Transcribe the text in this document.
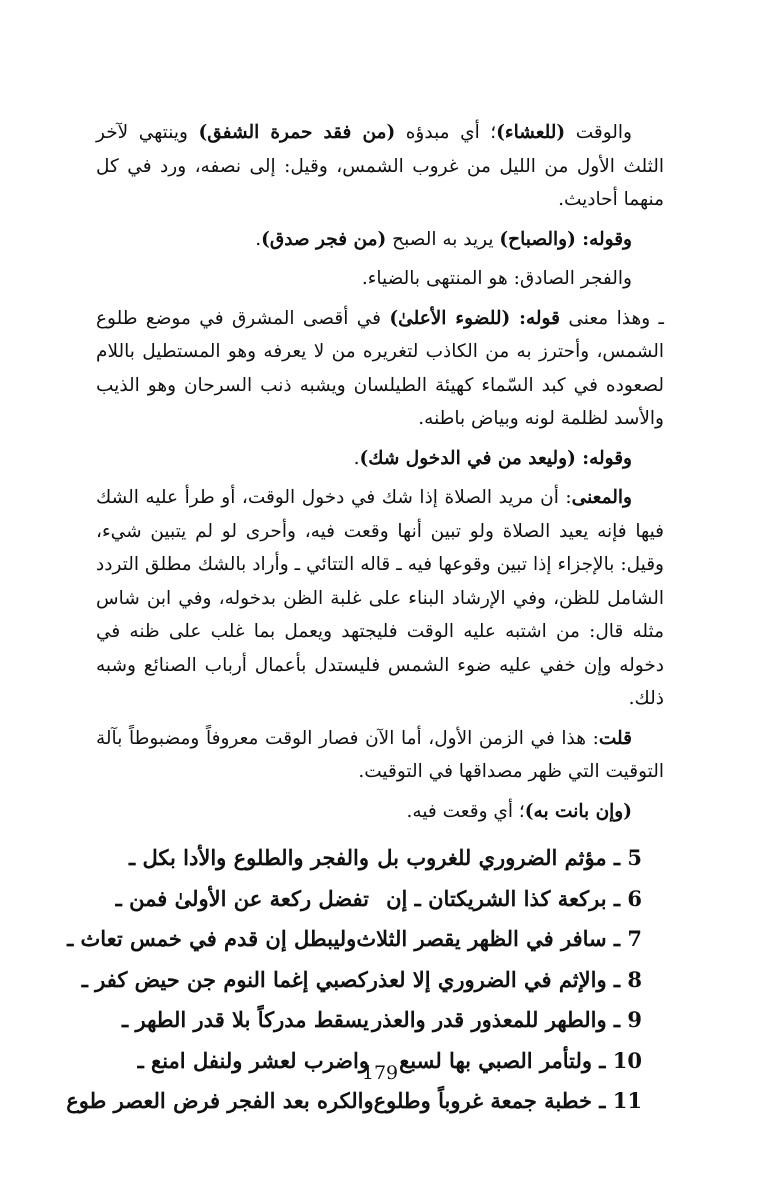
والوقت (للعشاء)؛ أي مبدؤه (من فقد حمرة الشفق) وينتهي لآخر الثلث الأول من الليل من غروب الشمس، وقيل: إلى نصفه، ورد في كل منهما أحاديث.

وقوله: (والصباح) يريد به الصبح (من فجر صدق).

والفجر الصادق: هو المنتهى بالضياء.

ـ وهذا معنى قوله: (للضوء الأعلىٰ) في أقصى المشرق في موضع طلوع الشمس، وأحترز به من الكاذب لتغريره من لا يعرفه وهو المستطيل باللام لصعوده في كبد السّماء كهيئة الطيلسان ويشبه ذنب السرحان وهو الذيب والأسد لظلمة لونه وبياض باطنه.

وقوله: (وليعد من في الدخول شك).

والمعنى: أن مريد الصلاة إذا شك في دخول الوقت، أو طرأ عليه الشك فيها فإنه يعيد الصلاة ولو تبين أنها وقعت فيه، وأحرى لو لم يتبين شيء، وقيل: بالإجزاء إذا تبين وقوعها فيه ـ قاله التتائي ـ وأراد بالشك مطلق التردد الشامل للظن، وفي الإرشاد البناء على غلبة الظن بدخوله، وفي ابن شاس مثله قال: من اشتبه عليه الوقت فليجتهد ويعمل بما غلب على ظنه في دخوله وإن خفي عليه ضوء الشمس فليستدل بأعمال أرباب الصنائع وشبه ذلك.

قلت: هذا في الزمن الأول، أما الآن فصار الوقت معروفاً ومضبوطاً بآلة التوقيت التي ظهر مصداقها في التوقيت.

(وإن بانت به)؛ أي وقعت فيه.

5 ـ مؤثم الضروري للغروب بل
والفجر والطلوع والأدا بكل ـ
6 ـ بركعة كذا الشريكتان ـ إن
تفضل ركعة عن الأولىٰ فمن ـ
7 ـ سافر في الظهر يقصر الثلاث
وليبطل إن قدم في خمس تعاث ـ
8 ـ والإثم في الضروري إلا لعذر
كصبي إغما النوم جن حيض كفر ـ
9 ـ والطهر للمعذور قدر والعذر
يسقط مدركاً بلا قدر الطهر ـ
10 ـ ولتأمر الصبي بها لسبع
واضرب لعشر ولنفل امنع ـ
11 ـ خطبة جمعة غروباً وطلوع
والكره بعد الفجر فرض العصر طوع
179
